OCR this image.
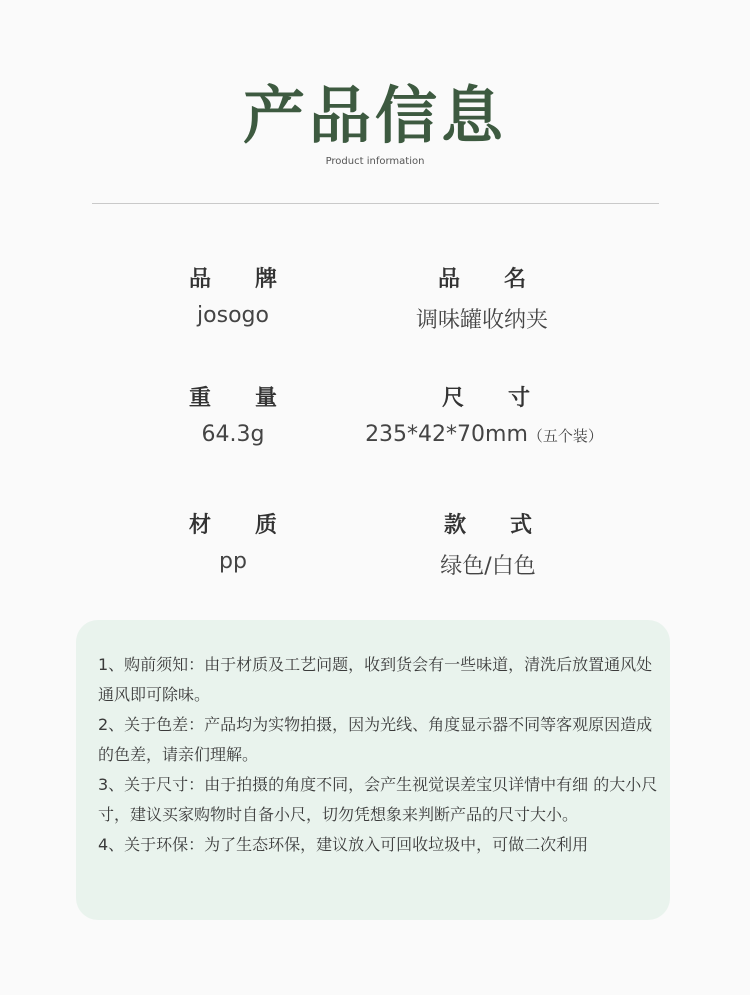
产品信息
Product information
品　　牌
josogo
品　　名
调味罐收纳夹
重　　量
64.3g
尺　　寸
235*42*70mm（五个装）
材　　质
pp
款　　式
绿色/白色

1、购前须知：由于材质及工艺问题，收到货会有一些味道，清洗后放置通风处通风即可除味。

2、关于色差：产品均为实物拍摄，因为光线、角度显示器不同等客观原因造成的色差，请亲们理解。

3、关于尺寸：由于拍摄的角度不同，会产生视觉误差宝贝详情中有细 的大小尺寸，建议买家购物时自备小尺，切勿凭想象来判断产品的尺寸大小。

4、关于环保：为了生态环保，建议放入可回收垃圾中，可做二次利用
